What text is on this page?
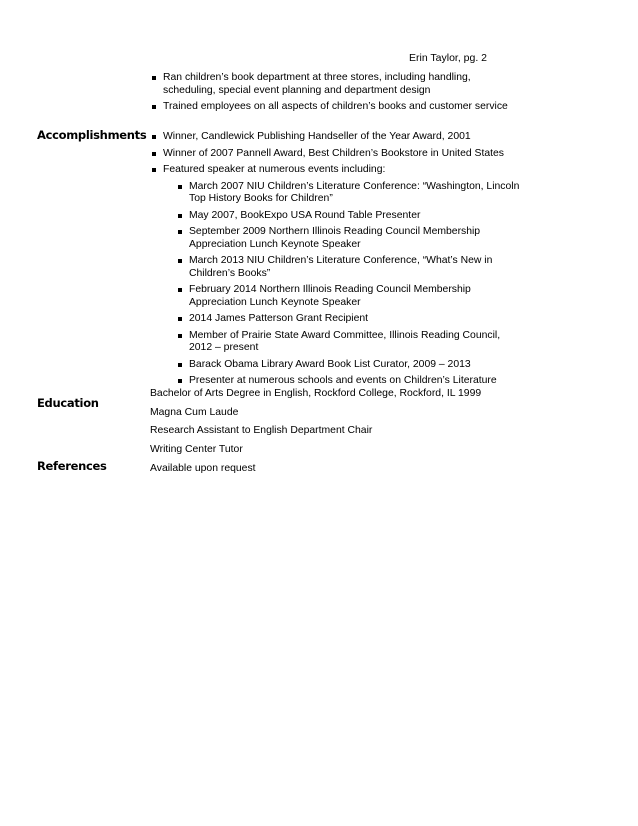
Erin Taylor, pg. 2
Ran children’s book department at three stores, including handling, scheduling, special event planning and department design
Trained employees on all aspects of children’s books and customer service
Accomplishments	Winner, Candlewick Publishing Handseller of the Year Award, 2001
Winner of 2007 Pannell Award, Best Children’s Bookstore in United States
Featured speaker at numerous events including:
March 2007 NIU Children’s Literature Conference: “Washington, Lincoln Top History Books for Children”
May 2007, BookExpo USA Round Table Presenter
September 2009 Northern Illinois Reading Council Membership Appreciation Lunch Keynote Speaker
March 2013 NIU Children’s Literature Conference, “What’s New in Children’s Books”
February 2014 Northern Illinois Reading Council Membership Appreciation Lunch Keynote Speaker
2014 James Patterson Grant Recipient
Member of Prairie State Award Committee, Illinois Reading Council, 2012 – present
Barack Obama Library Award Book List Curator, 2009 – 2013
Presenter at numerous schools and events on Children’s Literature
Education
Bachelor of Arts Degree in English, Rockford College, Rockford, IL 1999
Magna Cum Laude
Research Assistant to English Department Chair
Writing Center Tutor
References	Available upon request
